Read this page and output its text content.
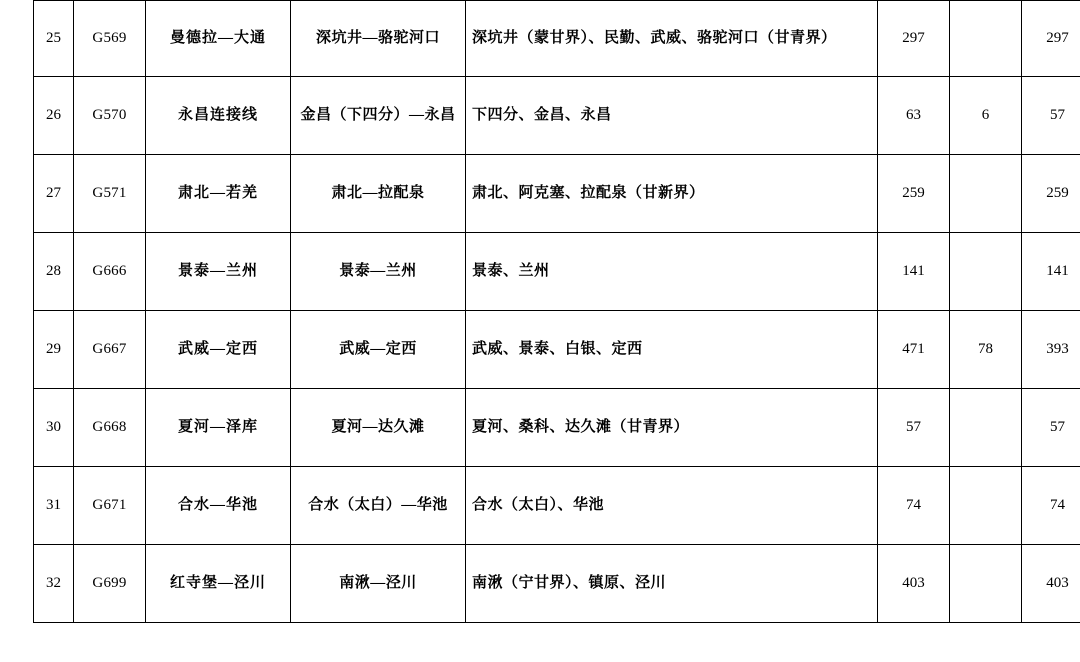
25	G569	曼德拉—大通	深坑井—骆驼河口	深坑井（蒙甘界）、民勤、武威、骆驼河口（甘青界）	297		297
26	G570	永昌连接线	金昌（下四分）—永昌	下四分、金昌、永昌	63	6	57
27	G571	肃北—若羌	肃北—拉配泉	肃北、阿克塞、拉配泉（甘新界）	259		259
28	G666	景泰—兰州	景泰—兰州	景泰、兰州	141		141
29	G667	武威—定西	武威—定西	武威、景泰、白银、定西	471	78	393
30	G668	夏河—泽库	夏河—达久滩	夏河、桑科、达久滩（甘青界）	57		57
31	G671	合水—华池	合水（太白）—华池	合水（太白）、华池	74		74
32	G699	红寺堡—泾川	南湫—泾川	南湫（宁甘界）、镇原、泾川	403		403
